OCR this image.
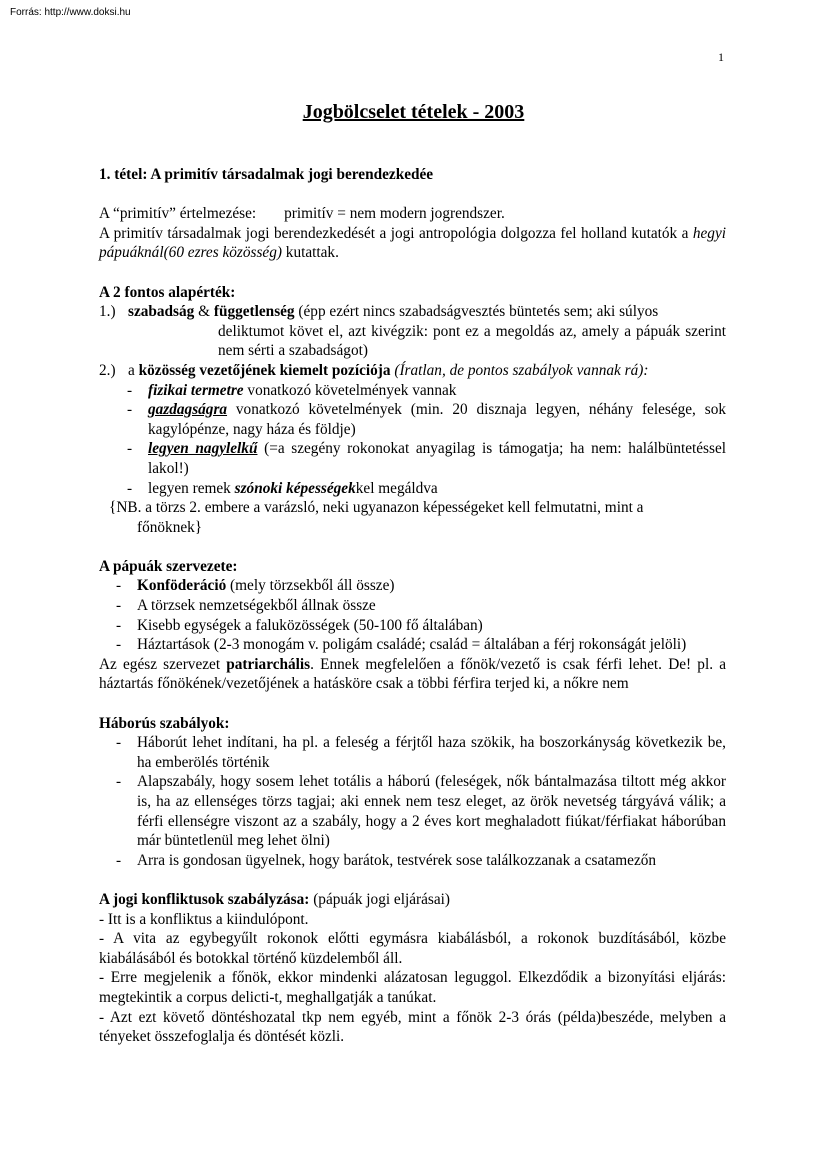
Forrás: http://www.doksi.hu
1
Jogbölcselet tételek - 2003

1. tétel: A primitív társadalmak jogi berendezkedée

A “primitív” értelmezése: primitív = nem modern jogrendszer.

A primitív társadalmak jogi berendezkedését a jogi antropológia dolgozza fel holland kutatók a hegyi pápuáknál(60 ezres közösség) kutattak.

A 2 fontos alapérték:

1.) szabadság & függetlenség (épp ezért nincs szabadságvesztés büntetés sem; aki súlyos

deliktumot követ el, azt kivégzik: pont ez a megoldás az, amely a pápuák szerint nem sérti a szabadságot)

2.) a közösség vezetőjének kiemelt pozíciója (Íratlan, de pontos szabályok vannak rá):
-	fizikai termetre vonatkozó követelmények vannak
-	gazdagságra vonatkozó követelmények (min. 20 disznaja legyen, néhány felesége, sok kagylópénze, nagy háza és földje)
-	legyen nagylelkű (=a szegény rokonokat anyagilag is támogatja; ha nem: halálbüntetéssel lakol!)
-	legyen remek szónoki képességekkel megáldva

{NB. a törzs 2. embere a varázsló, neki ugyanazon képességeket kell felmutatni, mint a

főnöknek}

A pápuák szervezete:

-	Konföderáció (mely törzsekből áll össze)
-	A törzsek nemzetségekből állnak össze
-	Kisebb egységek a faluközösségek (50-100 fő általában)
-	Háztartások (2-3 monogám v. poligám családé; család = általában a férj rokonságát jelöli)

Az egész szervezet patriarchális. Ennek megfelelően a főnök/vezető is csak férfi lehet. De! pl. a háztartás főnökének/vezetőjének a hatásköre csak a többi férfira terjed ki, a nőkre nem

Háborús szabályok:

-	Háborút lehet indítani, ha pl. a feleség a férjtől haza szökik, ha boszorkányság következik be, ha emberölés történik
-	Alapszabály, hogy sosem lehet totális a háború (feleségek, nők bántalmazása tiltott még akkor is, ha az ellenséges törzs tagjai; aki ennek nem tesz eleget, az örök nevetség tárgyává válik; a férfi ellenségre viszont az a szabály, hogy a 2 éves kort meghaladott fiúkat/férfiakat háborúban már büntetlenül meg lehet ölni)
-	Arra is gondosan ügyelnek, hogy barátok, testvérek sose találkozzanak a csatamezőn

A jogi konfliktusok szabályzása: (pápuák jogi eljárásai)

- Itt is a konfliktus a kiindulópont.

- A vita az egybegyűlt rokonok előtti egymásra kiabálásból, a rokonok buzdításából, közbe kiabálásából és botokkal történő küzdelemből áll.

- Erre megjelenik a főnök, ekkor mindenki alázatosan leguggol. Elkezdődik a bizonyítási eljárás: megtekintik a corpus delicti-t, meghallgatják a tanúkat.

- Azt ezt követő döntéshozatal tkp nem egyéb, mint a főnök 2-3 órás (példa)beszéde, melyben a tényeket összefoglalja és döntését közli.
